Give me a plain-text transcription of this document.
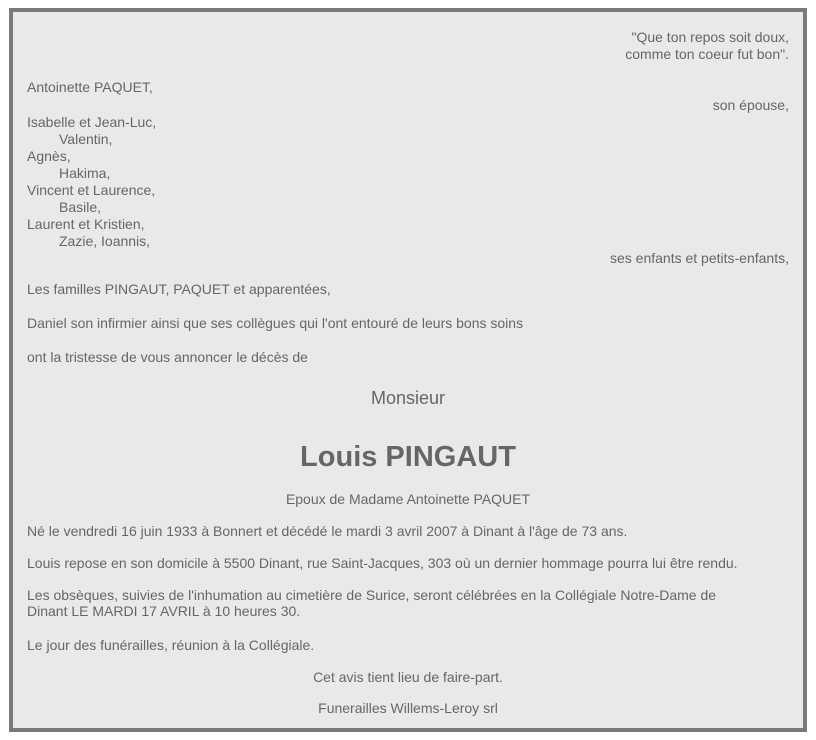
"Que ton repos soit doux,
comme ton coeur fut bon".
Antoinette PAQUET,
son épouse,
Isabelle et Jean-Luc,
Valentin,
Agnès,
Hakima,
Vincent et Laurence,
Basile,
Laurent et Kristien,
Zazie, Ioannis,
ses enfants et petits-enfants,
Les familles PINGAUT, PAQUET et apparentées,
Daniel son infirmier ainsi que ses collègues qui l'ont entouré de leurs bons soins
ont la tristesse de vous annoncer le décès de
Monsieur
Louis PINGAUT
Epoux de Madame Antoinette PAQUET
Né le vendredi 16 juin 1933 à Bonnert et décédé le mardi 3 avril 2007 à Dinant à l'âge de 73 ans.
Louis repose en son domicile à 5500 Dinant, rue Saint-Jacques, 303 où un dernier hommage pourra lui être rendu.
Les obsèques, suivies de l'inhumation au cimetière de Surice, seront célébrées en la Collégiale Notre-Dame de
Dinant LE MARDI 17 AVRIL à 10 heures 30.
Le jour des funérailles, réunion à la Collégiale.
Cet avis tient lieu de faire-part.
Funerailles Willems-Leroy srl
